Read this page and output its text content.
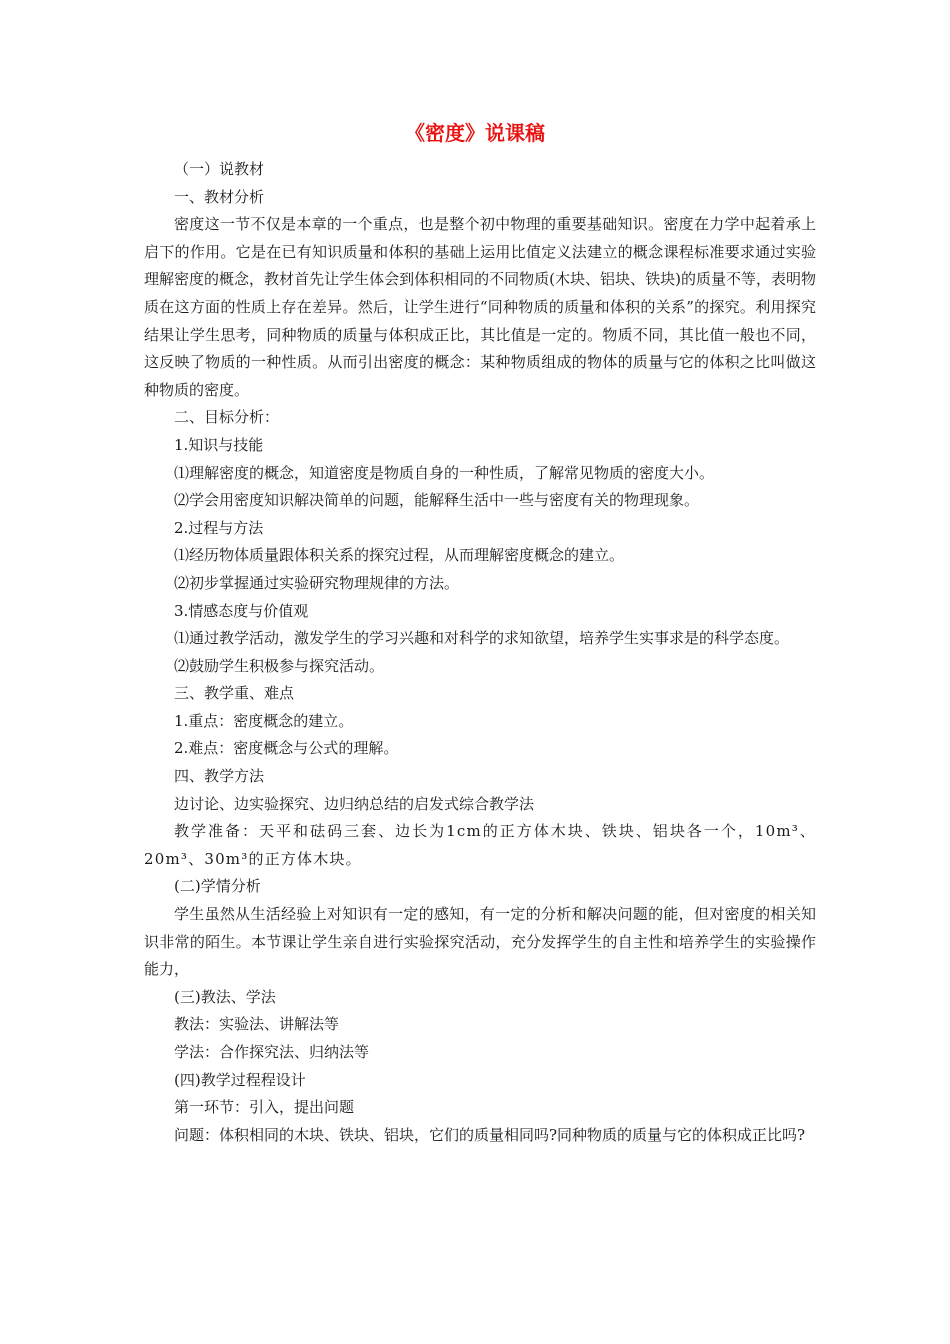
《密度》说课稿

（一）说教材

一、教材分析

密度这一节不仅是本章的一个重点，也是整个初中物理的重要基础知识。密度在力学中起着承上启下的作用。它是在已有知识质量和体积的基础上运用比值定义法建立的概念课程标准要求通过实验理解密度的概念，教材首先让学生体会到体积相同的不同物质(木块、铝块、铁块)的质量不等，表明物质在这方面的性质上存在差异。然后，让学生进行“同种物质的质量和体积的关系”的探究。利用探究结果让学生思考，同种物质的质量与体积成正比，其比值是一定的。物质不同，其比值一般也不同，这反映了物质的一种性质。从而引出密度的概念：某种物质组成的物体的质量与它的体积之比叫做这种物质的密度。

二、目标分析：

1.知识与技能

⑴理解密度的概念，知道密度是物质自身的一种性质，了解常见物质的密度大小。

⑵学会用密度知识解决简单的问题，能解释生活中一些与密度有关的物理现象。

2.过程与方法

⑴经历物体质量跟体积关系的探究过程，从而理解密度概念的建立。

⑵初步掌握通过实验研究物理规律的方法。

3.情感态度与价值观

⑴通过教学活动，激发学生的学习兴趣和对科学的求知欲望，培养学生实事求是的科学态度。

⑵鼓励学生积极参与探究活动。

三、教学重、难点

1.重点：密度概念的建立。

2.难点：密度概念与公式的理解。

四、教学方法

边讨论、边实验探究、边归纳总结的启发式综合教学法

教学准备：天平和砝码三套、边长为1cm的正方体木块、铁块、铝块各一个，10m³、20m³、30m³的正方体木块。

(二)学情分析

学生虽然从生活经验上对知识有一定的感知，有一定的分析和解决问题的能，但对密度的相关知识非常的陌生。本节课让学生亲自进行实验探究活动，充分发挥学生的自主性和培养学生的实验操作能力，

(三)教法、学法

教法：实验法、讲解法等

学法：合作探究法、归纳法等

(四)教学过程程设计

第一环节：引入，提出问题

问题：体积相同的木块、铁块、铝块，它们的质量相同吗?同种物质的质量与它的体积成正比吗?
